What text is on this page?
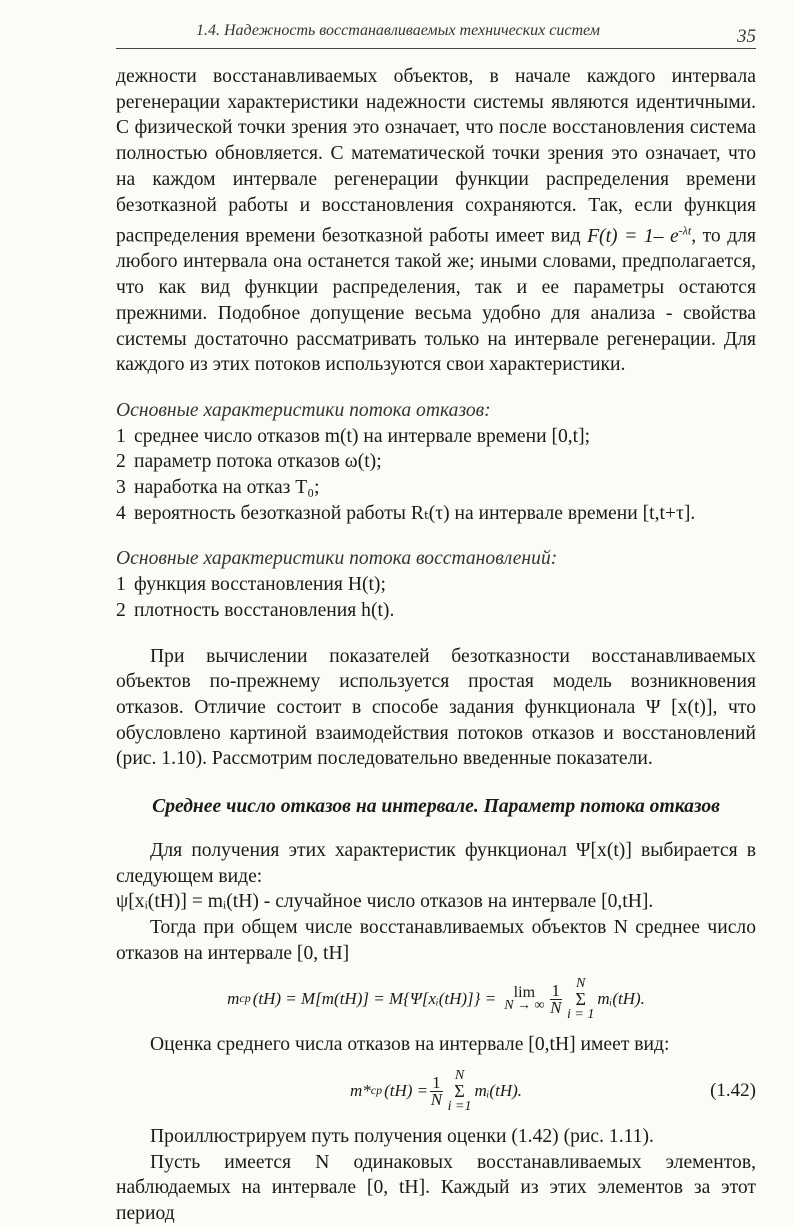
1.4. Надежность восстанавливаемых технических систем	35

дежности восстанавливаемых объектов, в начале каждого интервала регенерации характеристики надежности системы являются идентичными. С физической точки зрения это означает, что после восстановления система полностью обновляется. С математической точки зрения это означает, что на каждом интервале регенерации функции распределения времени безотказной работы и восстановления сохраняются. Так, если функция распределения времени безотказной работы имеет вид F(t) = 1– $e^{-\lambda t}$, то для любого интервала она останется такой же; иными словами, предполагается, что как вид функции распределения, так и ее параметры остаются прежними. Подобное допущение весьма удобно для анализа - свойства системы достаточно рассматривать только на интервале регенерации. Для каждого из этих потоков используются свои характеристики.

Основные характеристики потока отказов:
1 среднее число отказов m(t) на интервале времени [0,t];
2 параметр потока отказов ω(t);
3 наработка на отказ T₀;
4 вероятность безотказной работы Rₜ(τ) на интервале времени [t,t+τ].
Основные характеристики потока восстановлений:
1 функция восстановления H(t);
2 плотность восстановления h(t).

При вычислении показателей безотказности восстанавливаемых объектов по-прежнему используется простая модель возникновения отказов. Отличие состоит в способе задания функционала Ψ [x(t)], что обусловлено картиной взаимодействия потоков отказов и восстановлений (рис. 1.10). Рассмотрим последовательно введенные показатели.

Среднее число отказов на интервале. Параметр потока отказов

Для получения этих характеристик функционал Ψ[x(t)] выбирается в следующем виде:

ψ[xᵢ(tН)] = mᵢ(tН) - случайное число отказов на интервале [0,tН].

Тогда при общем числе восстанавливаемых объектов N среднее число отказов на интервале [0, tН]

m ср (tН) = M[m(tН)] = M{Ψ[xᵢ(tН)]} = lim
N → ∞ $\frac{1}{N}$ N
Σ
i = 1
mᵢ(tН).

Оценка среднего числа отказов на интервале [0,tН] имеет вид:

m* ср $(tН) = \frac{1}{N}$ N
Σ
i =1
mᵢ(tН).	(1.42)

Проиллюстрируем путь получения оценки (1.42) (рис. 1.11).

Пусть имеется N одинаковых восстанавливаемых элементов, наблюдаемых на интервале [0, tН]. Каждый из этих элементов за этот период
